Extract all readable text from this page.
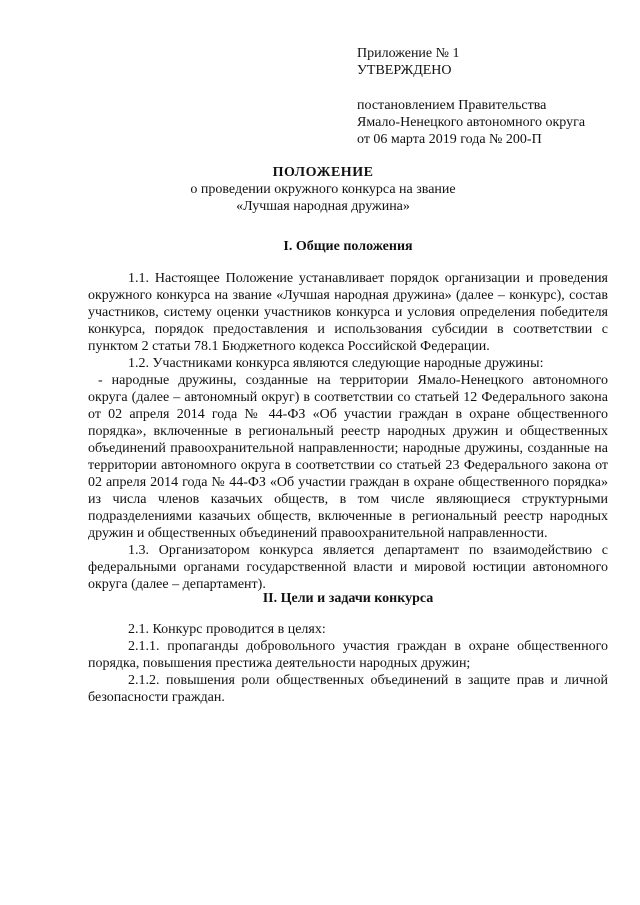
Приложение № 1
УТВЕРЖДЕНО
постановлением Правительства
Ямало-Ненецкого автономного округа
от 06 марта 2019 года № 200-П
ПОЛОЖЕНИЕ
о проведении окружного конкурса на звание
«Лучшая народная дружина»
I. Общие положения

1.1. Настоящее Положение устанавливает порядок организации и проведения окружного конкурса на звание «Лучшая народная дружина» (далее – конкурс), состав участников, систему оценки участников конкурса и условия определения победителя конкурса, порядок предоставления и использования субсидии в соответствии с пунктом 2 статьи 78.1 Бюджетного кодекса Российской Федерации.

1.2. Участниками конкурса являются следующие народные дружины:

- народные дружины, созданные на территории Ямало-Ненецкого автономного округа (далее – автономный округ) в соответствии со статьей 12 Федерального закона от 02 апреля 2014 года № 44-ФЗ «Об участии граждан в охране общественного порядка», включенные в региональный реестр народных дружин и общественных объединений правоохранительной направленности; народные дружины, созданные на территории автономного округа в соответствии со статьей 23 Федерального закона от 02 апреля 2014 года № 44-ФЗ «Об участии граждан в охране общественного порядка» из числа членов казачьих обществ, в том числе являющиеся структурными подразделениями казачьих обществ, включенные в региональный реестр народных дружин и общественных объединений правоохранительной направленности.

1.3. Организатором конкурса является департамент по взаимодействию с федеральными органами государственной власти и мировой юстиции автономного округа (далее – департамент).

II. Цели и задачи конкурса

2.1. Конкурс проводится в целях:

2.1.1. пропаганды добровольного участия граждан в охране общественного порядка, повышения престижа деятельности народных дружин;

2.1.2. повышения роли общественных объединений в защите прав и личной безопасности граждан.
